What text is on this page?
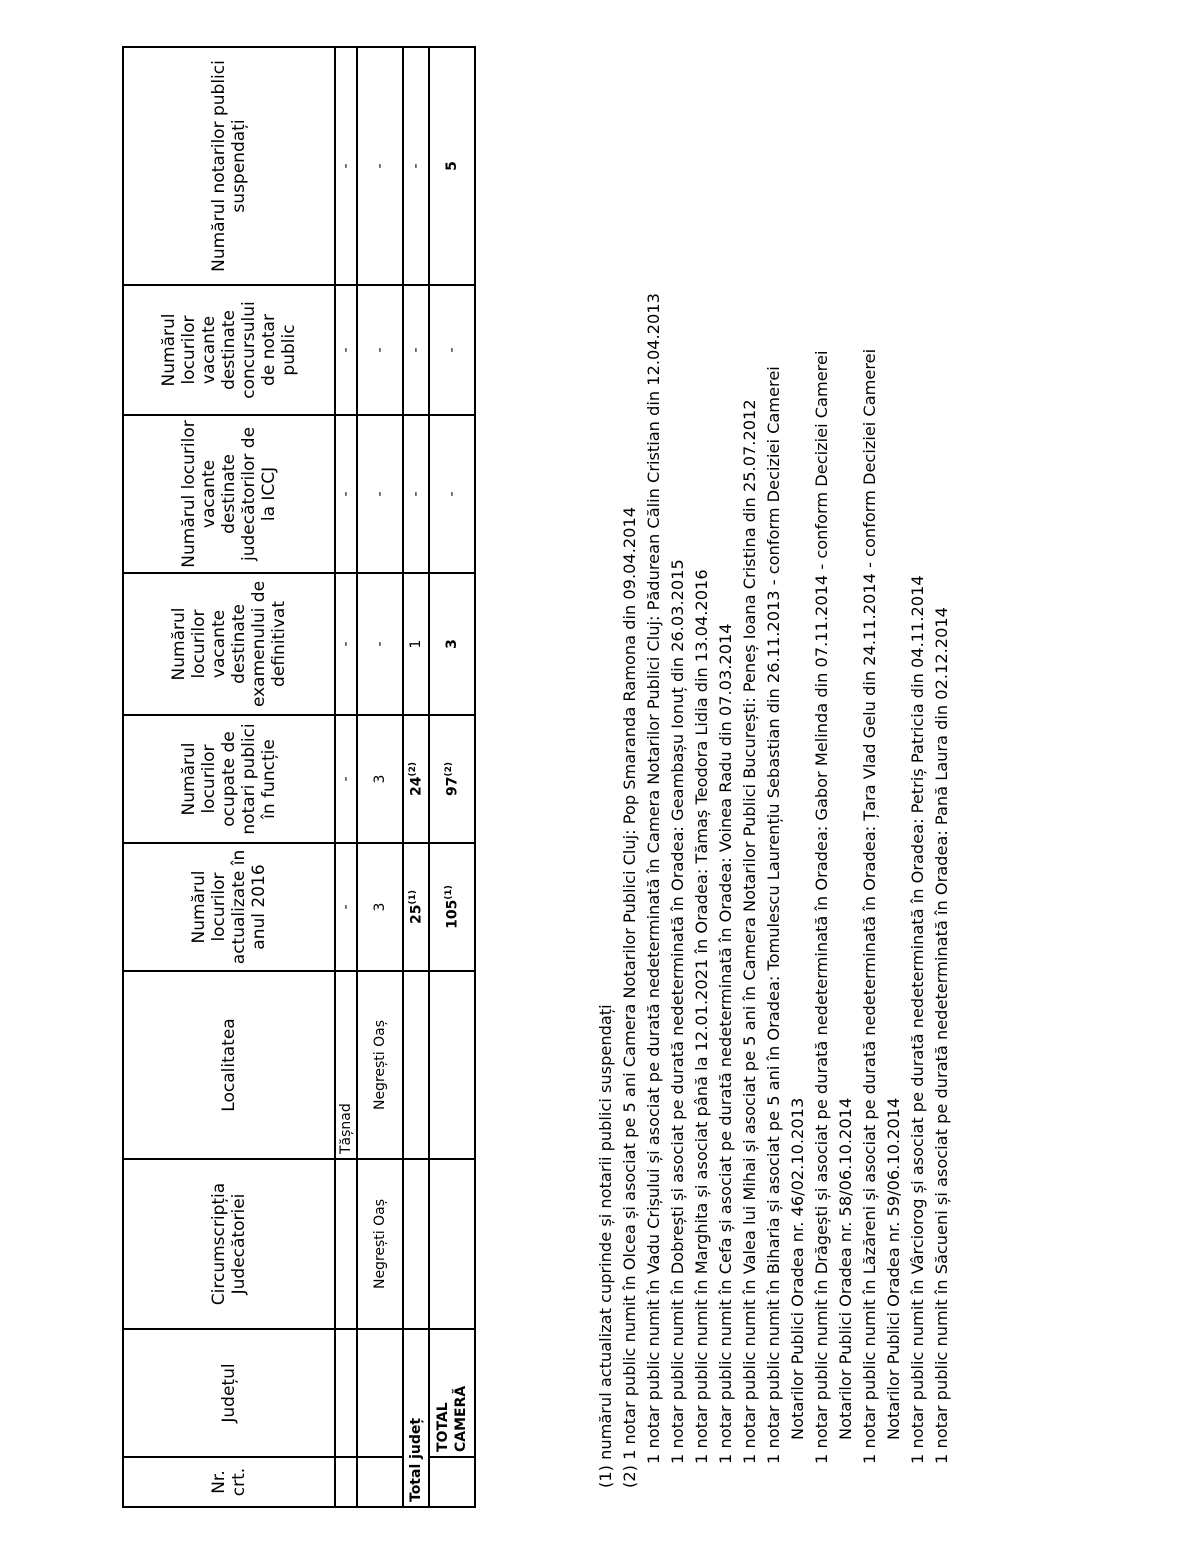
Nr. crt.	Județul	Circumscripția Judecătoriei	Localitatea	Numărul locurilor actualizate în anul 2016	Numărul locurilor ocupate de notari publici în funcție	Numărul locurilor vacante destinate examenului de definitivat	Numărul locurilor vacante destinate judecătorilor de la ICCJ	Numărul locurilor vacante destinate concursului de notar public	Numărul notarilor publici suspendați
			Tășnad	-	-	-	-	-	-
		Negrești Oaș	Negrești Oaș	3	3	-	-	-	-
Total județ				25$^{(1)}$	24$^{(2)}$	1	-	-	-
	TOTAL CAMERĂ			105$^{(1)}$	97$^{(2)}$	3	-	-	5
(1) numărul actualizat cuprinde și notarii publici suspendați (2) 1 notar public numit în Olcea și asociat pe 5 ani Camera Notarilor Publici Cluj: Pop Smaranda Ramona din 09.04.2014 1 notar public numit în Vadu Crișului și asociat pe durată nedeterminată în Camera Notarilor Publici Cluj: Pădurean Călin Cristian din 12.04.2013 1 notar public numit în Dobrești și asociat pe durată nedeterminată în Oradea: Geambașu Ionuț din 26.03.2015 1 notar public numit în Marghita și asociat până la 12.01.2021 în Oradea: Tămaș Teodora Lidia din 13.04.2016 1 notar public numit în Cefa și asociat pe durată nedeterminată în Oradea: Voinea Radu din 07.03.2014 1 notar public numit în Valea lui Mihai și asociat pe 5 ani în Camera Notarilor Publici București: Peneș Ioana Cristina din 25.07.2012 1 notar public numit în Biharia și asociat pe 5 ani în Oradea: Tomulescu Laurențiu Sebastian din 26.11.2013 - conform Deciziei Camerei Notarilor Publici Oradea nr. 46/02.10.2013 1 notar public numit în Drăgești și asociat pe durată nedeterminată în Oradea: Gabor Melinda din 07.11.2014 - conform Deciziei Camerei Notarilor Publici Oradea nr. 58/06.10.2014 1 notar public numit în Lăzăreni și asociat pe durată nedeterminată în Oradea: Țara Vlad Gelu din 24.11.2014 - conform Deciziei Camerei Notarilor Publici Oradea nr. 59/06.10.2014 1 notar public numit în Vârciorog și asociat pe durată nedeterminată în Oradea: Petriș Patricia din 04.11.2014 1 notar public numit în Săcueni și asociat pe durată nedeterminată în Oradea: Pană Laura din 02.12.2014
